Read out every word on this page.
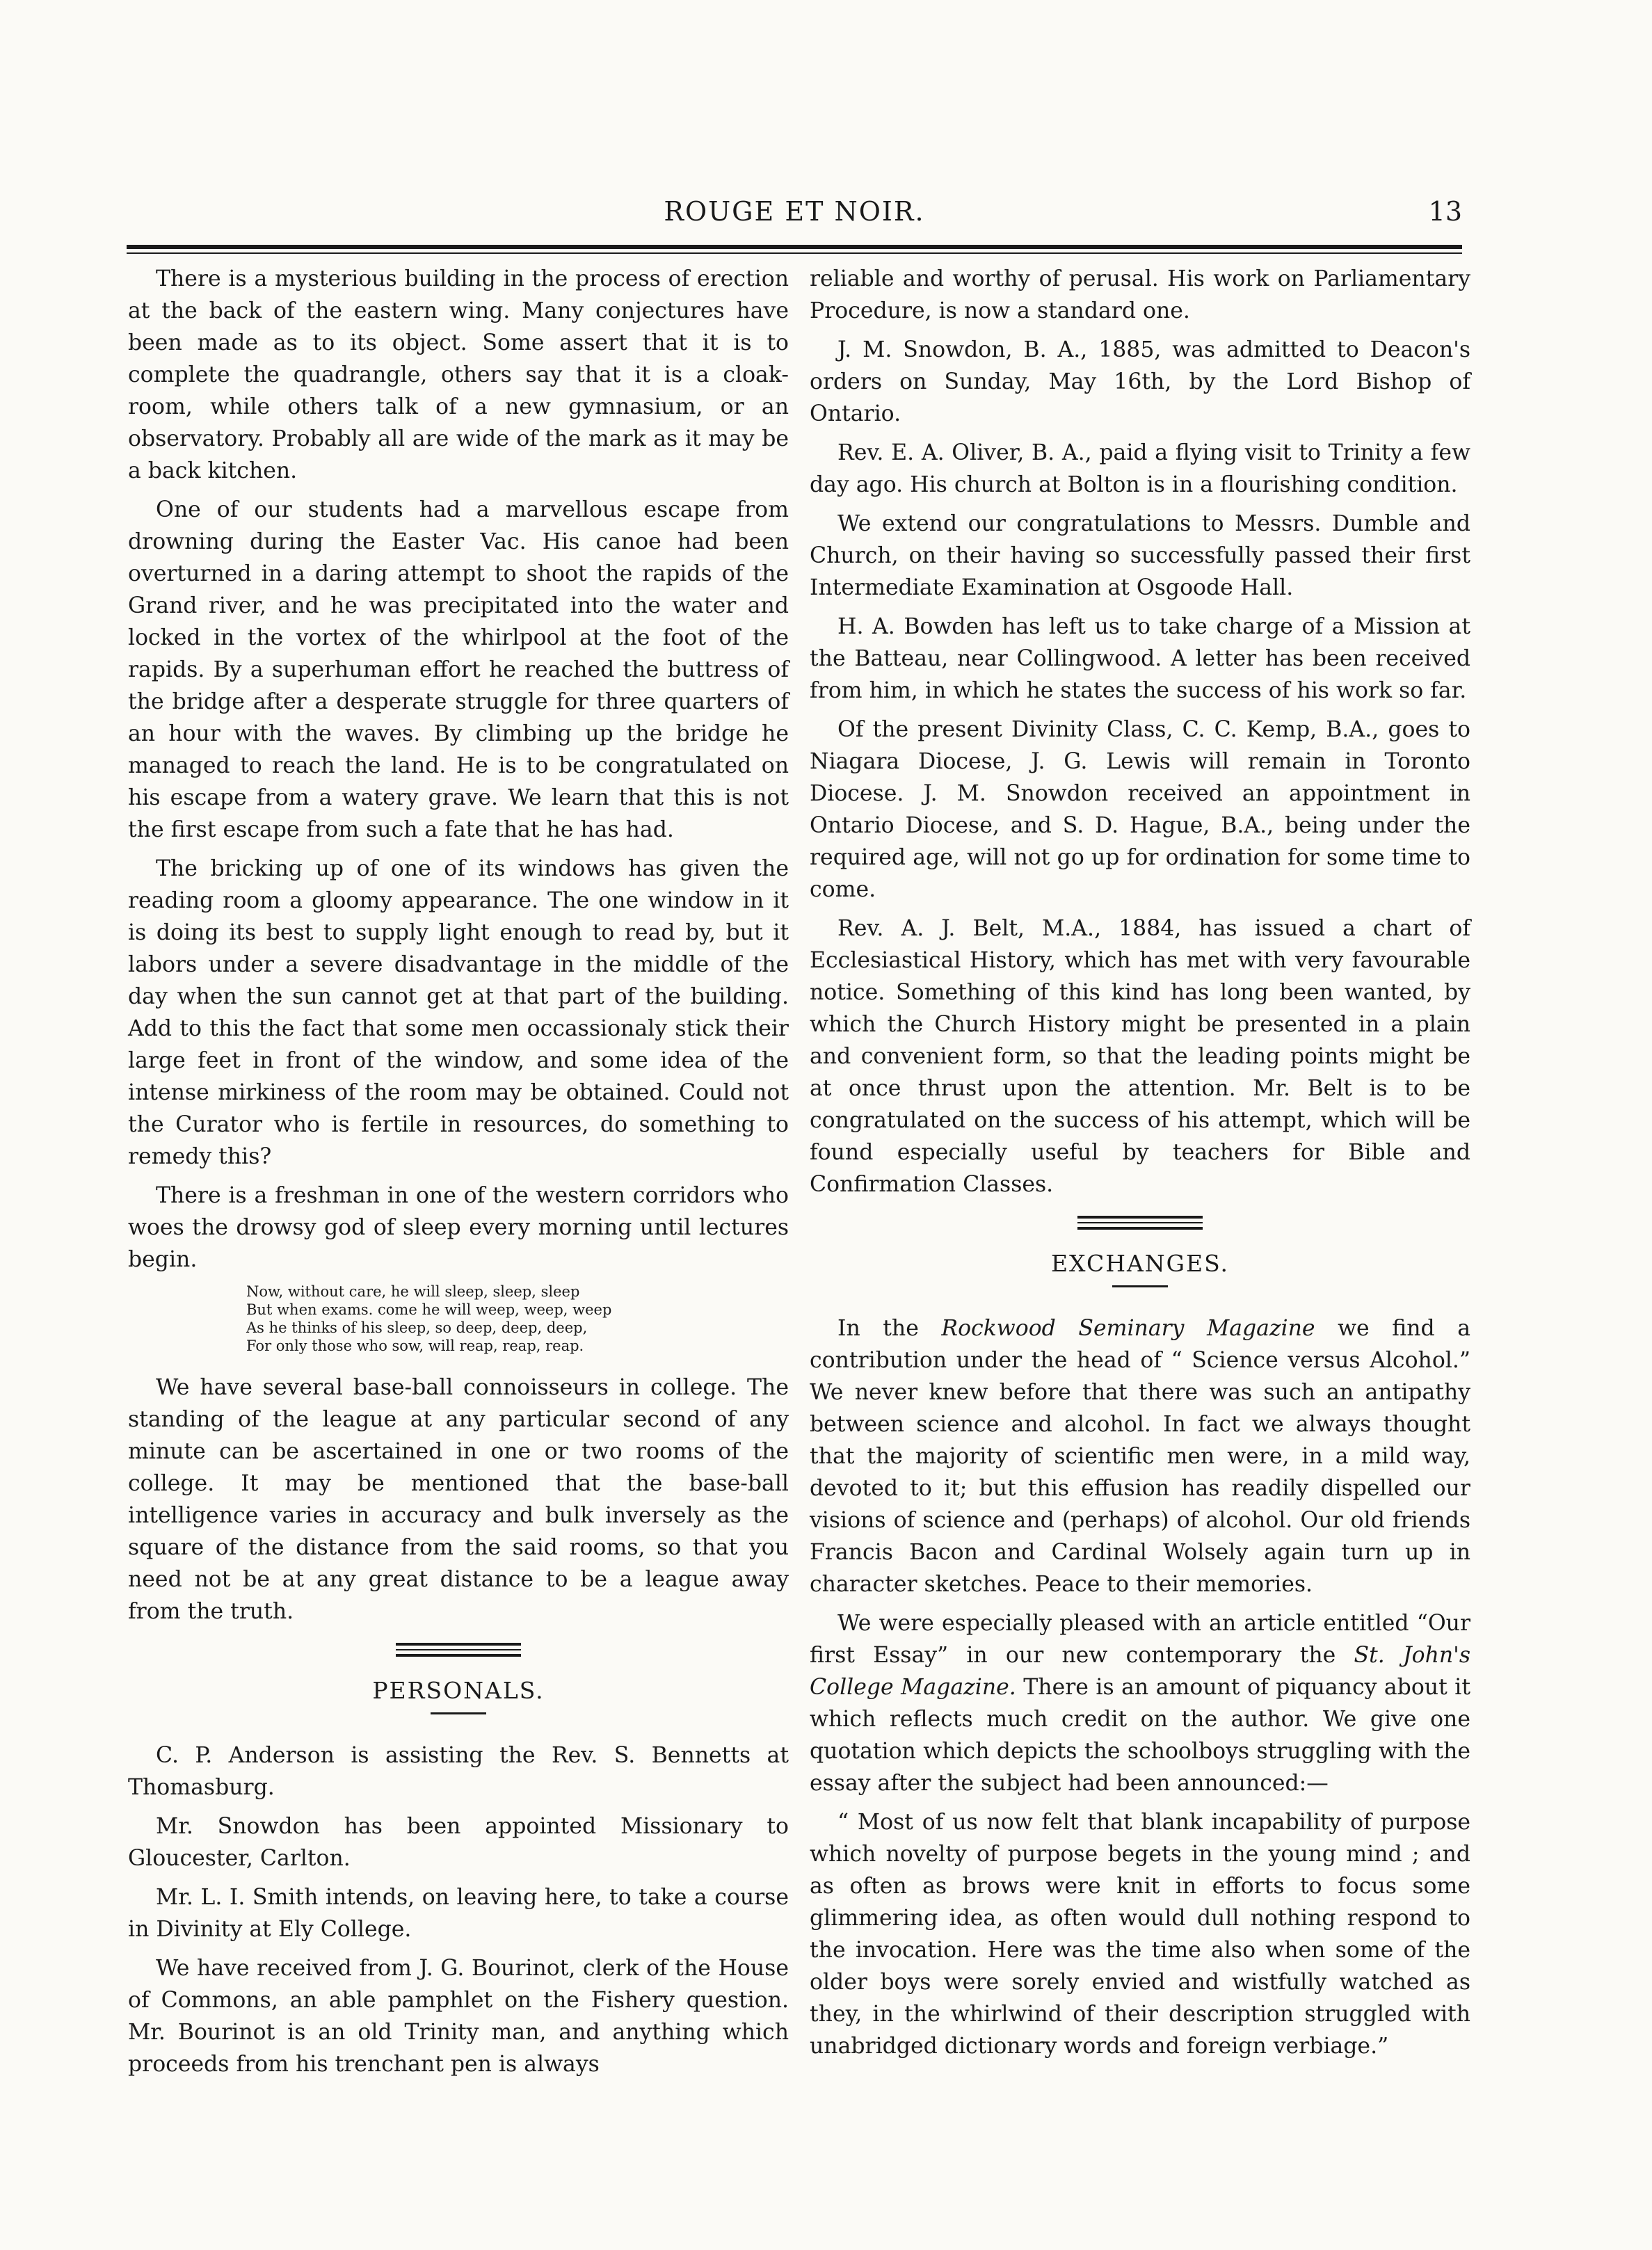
ROUGE ET NOIR.	13

There is a mysterious building in the process of erection at the back of the eastern wing. Many conjectures have been made as to its object. Some assert that it is to complete the quadrangle, others say that it is a cloak-room, while others talk of a new gymnasium, or an observatory. Probably all are wide of the mark as it may be a back kitchen.

One of our students had a marvellous escape from drowning during the Easter Vac. His canoe had been overturned in a daring attempt to shoot the rapids of the Grand river, and he was precipitated into the water and locked in the vortex of the whirlpool at the foot of the rapids. By a superhuman effort he reached the buttress of the bridge after a desperate struggle for three quarters of an hour with the waves. By climbing up the bridge he managed to reach the land. He is to be congratulated on his escape from a watery grave. We learn that this is not the first escape from such a fate that he has had.

The bricking up of one of its windows has given the reading room a gloomy appearance. The one window in it is doing its best to supply light enough to read by, but it labors under a severe disadvantage in the middle of the day when the sun cannot get at that part of the building. Add to this the fact that some men occassionaly stick their large feet in front of the window, and some idea of the intense mirkiness of the room may be obtained. Could not the Curator who is fertile in resources, do something to remedy this?

There is a freshman in one of the western corridors who woes the drowsy god of sleep every morning until lectures begin.

Now, without care, he will sleep, sleep, sleep
But when exams. come he will weep, weep, weep
As he thinks of his sleep, so deep, deep, deep,
For only those who sow, will reap, reap, reap.

We have several base-ball connoisseurs in college. The standing of the league at any particular second of any minute can be ascertained in one or two rooms of the college. It may be mentioned that the base-ball intelligence varies in accuracy and bulk inversely as the square of the distance from the said rooms, so that you need not be at any great distance to be a league away from the truth.

PERSONALS.

C. P. Anderson is assisting the Rev. S. Bennetts at Thomasburg.

Mr. Snowdon has been appointed Missionary to Gloucester, Carlton.

Mr. L. I. Smith intends, on leaving here, to take a course in Divinity at Ely College.

We have received from J. G. Bourinot, clerk of the House of Commons, an able pamphlet on the Fishery question. Mr. Bourinot is an old Trinity man, and anything which proceeds from his trenchant pen is always

reliable and worthy of perusal. His work on Parliamentary Procedure, is now a standard one.

J. M. Snowdon, B. A., 1885, was admitted to Deacon's orders on Sunday, May 16th, by the Lord Bishop of Ontario.

Rev. E. A. Oliver, B. A., paid a flying visit to Trinity a few day ago. His church at Bolton is in a flourishing condition.

We extend our congratulations to Messrs. Dumble and Church, on their having so successfully passed their first Intermediate Examination at Osgoode Hall.

H. A. Bowden has left us to take charge of a Mission at the Batteau, near Collingwood. A letter has been received from him, in which he states the success of his work so far.

Of the present Divinity Class, C. C. Kemp, B.A., goes to Niagara Diocese, J. G. Lewis will remain in Toronto Diocese. J. M. Snowdon received an appointment in Ontario Diocese, and S. D. Hague, B.A., being under the required age, will not go up for ordination for some time to come.

Rev. A. J. Belt, M.A., 1884, has issued a chart of Ecclesiastical History, which has met with very favourable notice. Something of this kind has long been wanted, by which the Church History might be presented in a plain and convenient form, so that the leading points might be at once thrust upon the attention. Mr. Belt is to be congratulated on the success of his attempt, which will be found especially useful by teachers for Bible and Confirmation Classes.

EXCHANGES.

In the Rockwood Seminary Magazine we find a contribution under the head of “ Science versus Alcohol.” We never knew before that there was such an antipathy between science and alcohol. In fact we always thought that the majority of scientific men were, in a mild way, devoted to it; but this effusion has readily dispelled our visions of science and (perhaps) of alcohol. Our old friends Francis Bacon and Cardinal Wolsely again turn up in character sketches. Peace to their memories.

We were especially pleased with an article entitled “Our first Essay” in our new contemporary the St. John's College Magazine. There is an amount of piquancy about it which reflects much credit on the author. We give one quotation which depicts the schoolboys struggling with the essay after the subject had been announced:—

“ Most of us now felt that blank incapability of purpose which novelty of purpose begets in the young mind ; and as often as brows were knit in efforts to focus some glimmering idea, as often would dull nothing respond to the invocation. Here was the time also when some of the older boys were sorely envied and wistfully watched as they, in the whirlwind of their description struggled with unabridged dictionary words and foreign verbiage.”
